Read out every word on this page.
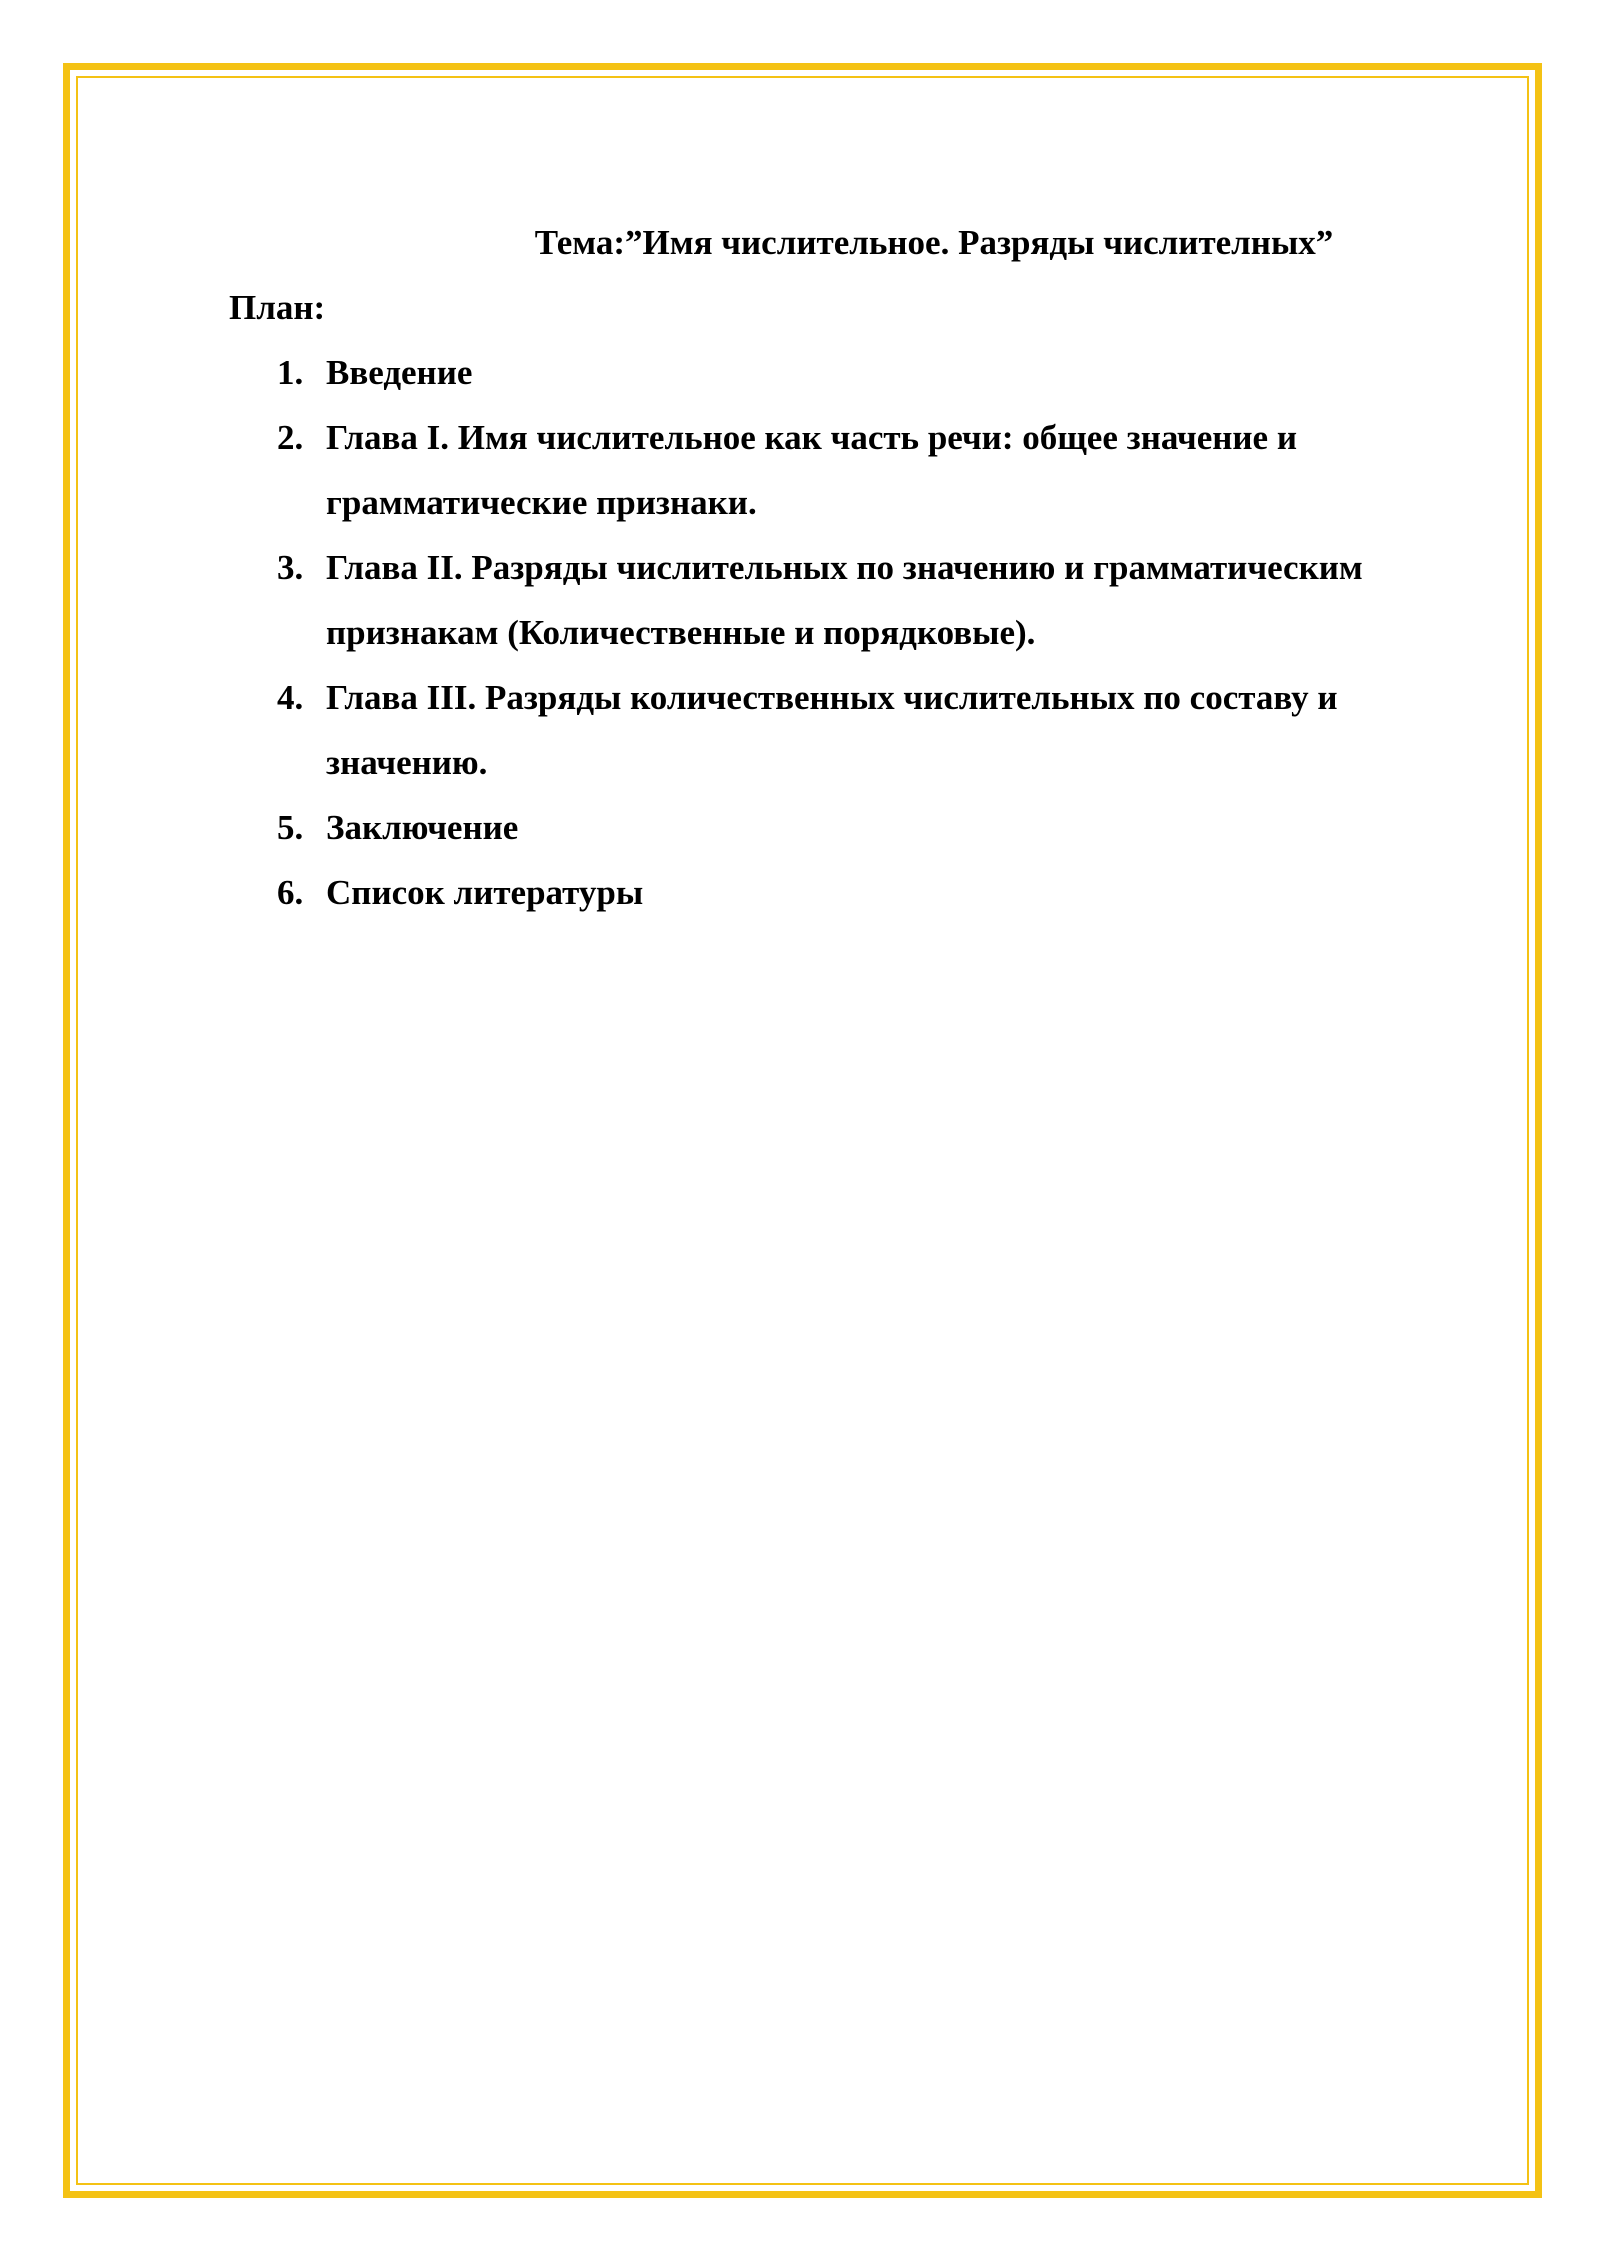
Тема:”Имя числительное. Разряды числителных”

План:

1. Введение
2. Глава I. Имя числительное как часть речи: общее значение и грамматические признаки.
3. Глава II. Разряды числительных по значению и грамматическим признакам (Количественные и порядковые).
4. Глава III. Разряды количественных числительных по составу и значению.
5. Заключение
6. Список литературы
